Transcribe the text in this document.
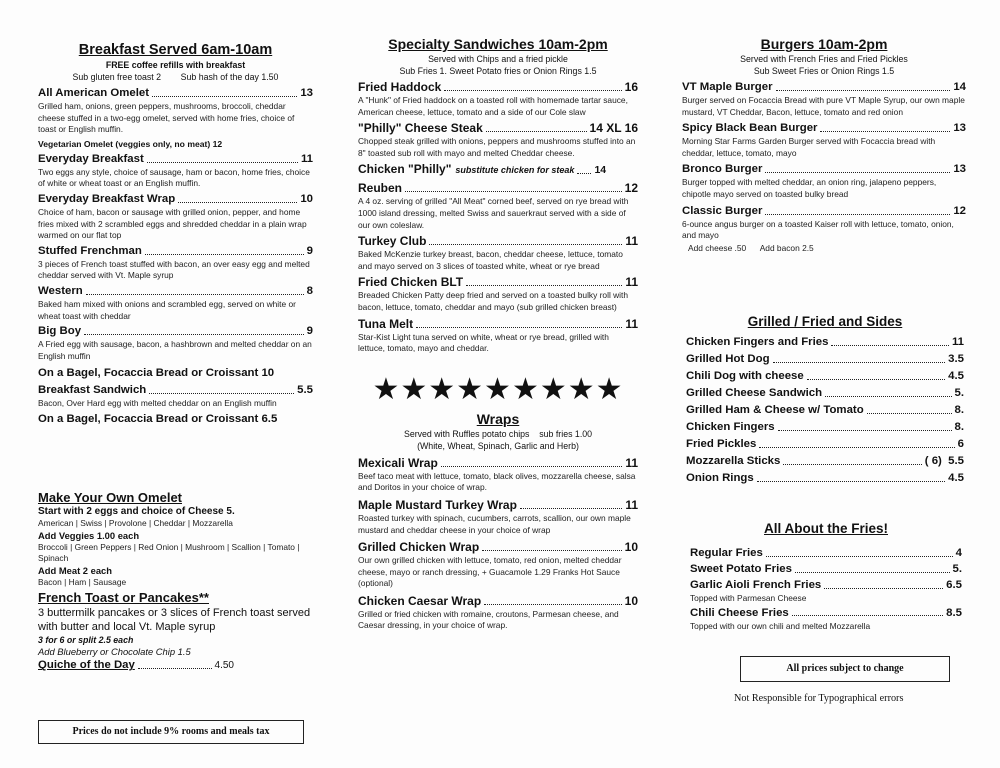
Breakfast Served 6am-10am
FREE coffee refills with breakfast
Sub gluten free toast 2        Sub hash of the day 1.50
All American Omelet	13
Grilled ham, onions, green peppers, mushrooms, broccoli, cheddar cheese stuffed in a two-egg omelet, served with home fries, choice of toast or English muffin.
Vegetarian Omelet (veggies only, no meat) 12
Everyday Breakfast	11
Two eggs any style, choice of sausage, ham or bacon, home fries, choice of white or wheat toast or an English muffin.
Everyday Breakfast Wrap	10
Choice of ham, bacon or sausage with grilled onion, pepper, and home fries mixed with 2 scrambled eggs and shredded cheddar in a plain wrap warmed on our flat top
Stuffed Frenchman	9
3 pieces of French toast stuffed with bacon, an over easy egg and melted cheddar served with Vt. Maple syrup
Western	8
Baked ham mixed with onions and scrambled egg, served on white or wheat toast with cheddar
Big Boy	9
A Fried egg with sausage, bacon, a hashbrown and melted cheddar on an English muffin
On a Bagel, Focaccia Bread or Croissant 10
Breakfast Sandwich	5.5
Bacon, Over Hard egg with melted cheddar on an English muffin
On a Bagel, Focaccia Bread or Croissant 6.5
Make Your Own Omelet
Start with 2 eggs and choice of Cheese 5.
American | Swiss | Provolone | Cheddar | Mozzarella
Add Veggies 1.00 each
Broccoli | Green Peppers | Red Onion | Mushroom | Scallion | Tomato | Spinach
Add Meat 2 each
Bacon | Ham | Sausage
French Toast or Pancakes**
3 buttermilk pancakes or 3 slices of French toast served with butter and local Vt. Maple syrup
3 for 6 or split 2.5 each
Add Blueberry or Chocolate Chip 1.5
Quiche of the Day	4.50
Prices do not include 9% rooms and meals tax
Specialty Sandwiches 10am-2pm
Served with Chips and a fried pickle
Sub Fries 1. Sweet Potato fries or Onion Rings 1.5
Fried Haddock	16
A "Hunk" of Fried haddock on a toasted roll with homemade tartar sauce, American cheese, lettuce, tomato and a side of our Cole slaw
"Philly" Cheese Steak	14 XL 16
Chopped steak grilled with onions, peppers and mushrooms stuffed into an 8" toasted sub roll with mayo and melted Cheddar cheese.
Chicken "Philly" substitute chicken for steak 14
Reuben	12
A 4 oz. serving of grilled "All Meat" corned beef, served on rye bread with 1000 island dressing, melted Swiss and sauerkraut served with a side of our own coleslaw.
Turkey Club	11
Baked McKenzie turkey breast, bacon, cheddar cheese, lettuce, tomato and mayo served on 3 slices of toasted white, wheat or rye bread
Fried Chicken BLT	11
Breaded Chicken Patty deep fried and served on a toasted bulky roll with bacon, lettuce, tomato, cheddar and mayo (sub grilled chicken breast)
Tuna Melt	11
Star-Kist Light tuna served on white, wheat or rye bread, grilled with lettuce, tomato, mayo and cheddar.
★★★★★★★★★
Wraps
Served with Ruffles potato chips    sub fries 1.00
(White, Wheat, Spinach, Garlic and Herb)
Mexicali Wrap	11
Beef taco meat with lettuce, tomato, black olives, mozzarella cheese, salsa and Doritos in your choice of wrap.
Maple Mustard Turkey Wrap	11
Roasted turkey with spinach, cucumbers, carrots, scallion, our own maple mustard and cheddar cheese in your choice of wrap
Grilled Chicken Wrap	10
Our own grilled chicken with lettuce, tomato, red onion, melted cheddar cheese, mayo or ranch dressing, + Guacamole 1.29 Franks Hot Sauce (optional)
Chicken Caesar Wrap	10
Grilled or fried chicken with romaine, croutons, Parmesan cheese, and Caesar dressing, in your choice of wrap.
Burgers 10am-2pm
Served with French Fries and Fried Pickles
Sub Sweet Fries or Onion Rings 1.5
VT Maple Burger	14
Burger served on Focaccia Bread with pure VT Maple Syrup, our own maple mustard, VT Cheddar, Bacon, lettuce, tomato and red onion
Spicy Black Bean Burger	13
Morning Star Farms Garden Burger served with Focaccia bread with cheddar, lettuce, tomato, mayo
Bronco Burger	13
Burger topped with melted cheddar, an onion ring, jalapeno peppers, chipotle mayo served on toasted bulky bread
Classic Burger	12
6-ounce angus burger on a toasted Kaiser roll with lettuce, tomato, onion, and mayo
Add cheese .50      Add bacon 2.5
Grilled / Fried and Sides
Chicken Fingers and Fries	11
Grilled Hot Dog	3.5
Chili Dog with cheese	4.5
Grilled Cheese Sandwich	5.
Grilled Ham & Cheese w/ Tomato	8.
Chicken Fingers	8.
Fried Pickles	6
Mozzarella Sticks	( 6)  5.5
Onion Rings	4.5
All About the Fries!
Regular Fries	4
Sweet Potato Fries	5.
Garlic Aioli French Fries	6.5
Topped with Parmesan Cheese
Chili Cheese Fries	8.5
Topped with our own chili and melted Mozzarella
All prices subject to change
Not Responsible for Typographical errors
